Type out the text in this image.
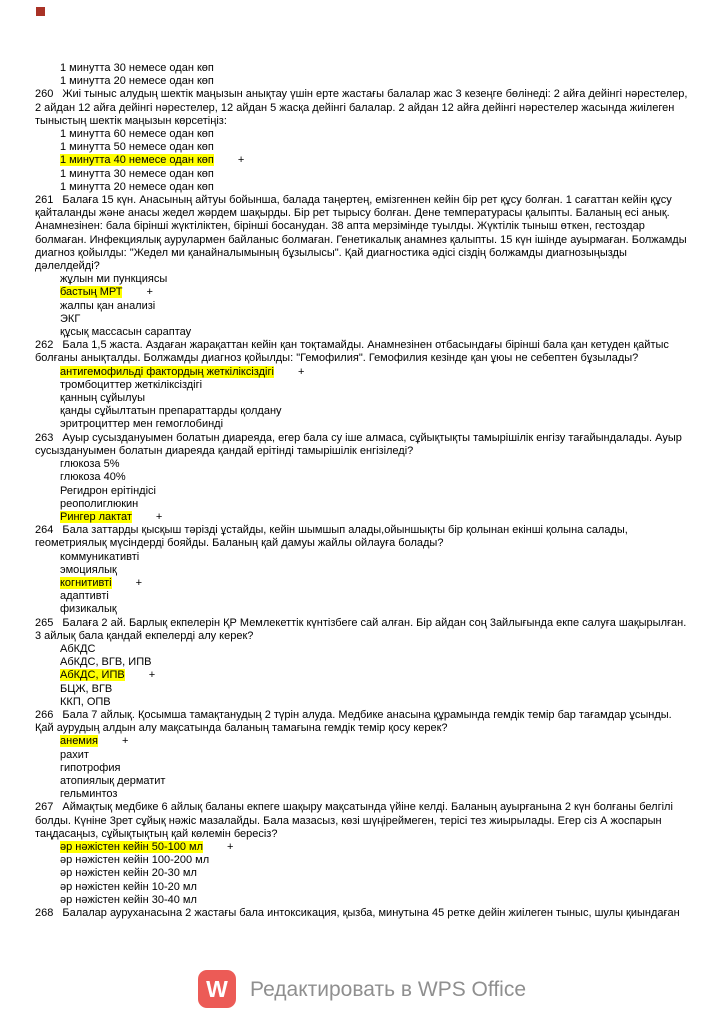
1 минутта 30 немесе одан көп
1 минутта 20 немесе одан көп
260 Жиі тыныс алудың шектік маңызын анықтау үшін ерте жастағы балалар жас 3 кезеңге бөлінеді: 2 айға дейінгі нәрестелер, 2 айдан 12 айға дейінгі нәрестелер, 12 айдан 5 жасқа дейінгі балалар. 2 айдан 12 айға дейінгі нәрестелер жасында жиілеген тыныстың шектік маңызын көрсетіңіз:
1 минутта 60 немесе одан көп
1 минутта 50 немесе одан көп
1 минутта 40 немесе одан көп +
1 минутта 30 немесе одан көп
1 минутта 20 немесе одан көп
261 Балаға 15 күн. Анасының айтуы бойынша, балада таңертең, емізгеннен кейін бір рет құсу болған. 1 сағаттан кейін құсу қайталанды және анасы жедел жәрдем шақырды. Бір рет тырысу болған. Дене температурасы қалыпты. Баланың есі анық. Анамнезінен: бала бірінші жүктіліктен, бірінші босанудан. 38 апта мерзімінде туылды. Жүктілік тыныш өткен, гестоздар болмаған. Инфекциялық аурулармен байланыс болмаған. Генетикалық анамнез қалыпты. 15 күн ішінде ауырмаған. Болжамды диагноз қойылды: "Жедел ми қанайналымының бұзылысы". Қай диагностика әдісі сіздің болжамды диагнозыңызды дәлелдейді?
жұлын ми пункциясы
бастың МРТ +
жалпы қан анализі
ЭКГ
құсық массасын сараптау
262 Бала 1,5 жаста. Аздаған жарақаттан кейін қан тоқтамайды. Анамнезінен отбасындағы бірінші бала қан кетуден қайтыс болғаны анықталды. Болжамды диагноз қойылды: "Гемофилия". Гемофилия кезінде қан ұюы не себептен бұзылады?
антигемофильді фактордың жеткіліксіздігі +
тромбоциттер жеткіліксіздігі
қанның сұйылуы
қанды сұйылтатын препараттарды қолдану
эритроциттер мен гемоглобинді
263 Ауыр сусыздануымен болатын диареяда, егер бала су іше алмаса, сұйықтықты тамырішілік енгізу тағайындалады. Ауыр сусыздануымен болатын диареяда қандай ерітінді тамырішілік енгізіледі?
глюкоза 5%
глюкоза 40%
Регидрон ерітіндісі
реополиглюкин
Рингер лактат +
264 Бала заттарды қысқыш тәрізді ұстайды, кейін шымшып алады,ойыншықты бір қолынан екінші қолына салады, геометриялық мүсіндерді бояйды. Баланың қай дамуы жайлы ойлауға болады?
коммуникативті
эмоциялық
когнитивті +
адаптивті
физикалық
265 Балаға 2 ай. Барлық екпелерін ҚР Мемлекеттік күнтізбеге сай алған. Бір айдан соң 3айлығында екпе салуға шақырылған. 3 айлық бала қандай екпелерді алу керек?
АбКДС
АбКДС, ВГВ, ИПВ
АбКДС, ИПВ +
БЦЖ, ВГВ
ККП, ОПВ
266 Бала 7 айлық. Қосымша тамақтанудың 2 түрін алуда. Медбике анасына құрамында гемдік темір бар тағамдар ұсынды. Қай аурудың алдын алу мақсатында баланың тамағына гемдік темір қосу керек?
анемия +
рахит
гипотрофия
атопиялық дерматит
гельминтоз
267 Аймақтық медбике 6 айлық баланы екпеге шақыру мақсатында үйіне келді. Баланың ауырғанына 2 күн болғаны белгілі болды. Күніне 3рет сұйық нәжіс мазалайды. Бала мазасыз, көзі шүңіреймеген, терісі тез жиырылады. Егер сіз А жоспарын таңдасаңыз, сұйықтықтың қай көлемін бересіз?
әр нәжістен кейін 50-100 мл +
әр нәжістен кейін 100-200 мл
әр нәжістен кейін 20-30 мл
әр нәжістен кейін 10-20 мл
әр нәжістен кейін 30-40 мл
268 Балалар ауруханасына 2 жастағы бала интоксикация, қызба, минутына 45 ретке дейін жиілеген тыныс, шулы қиындаған
W Редактировать в WPS Office
